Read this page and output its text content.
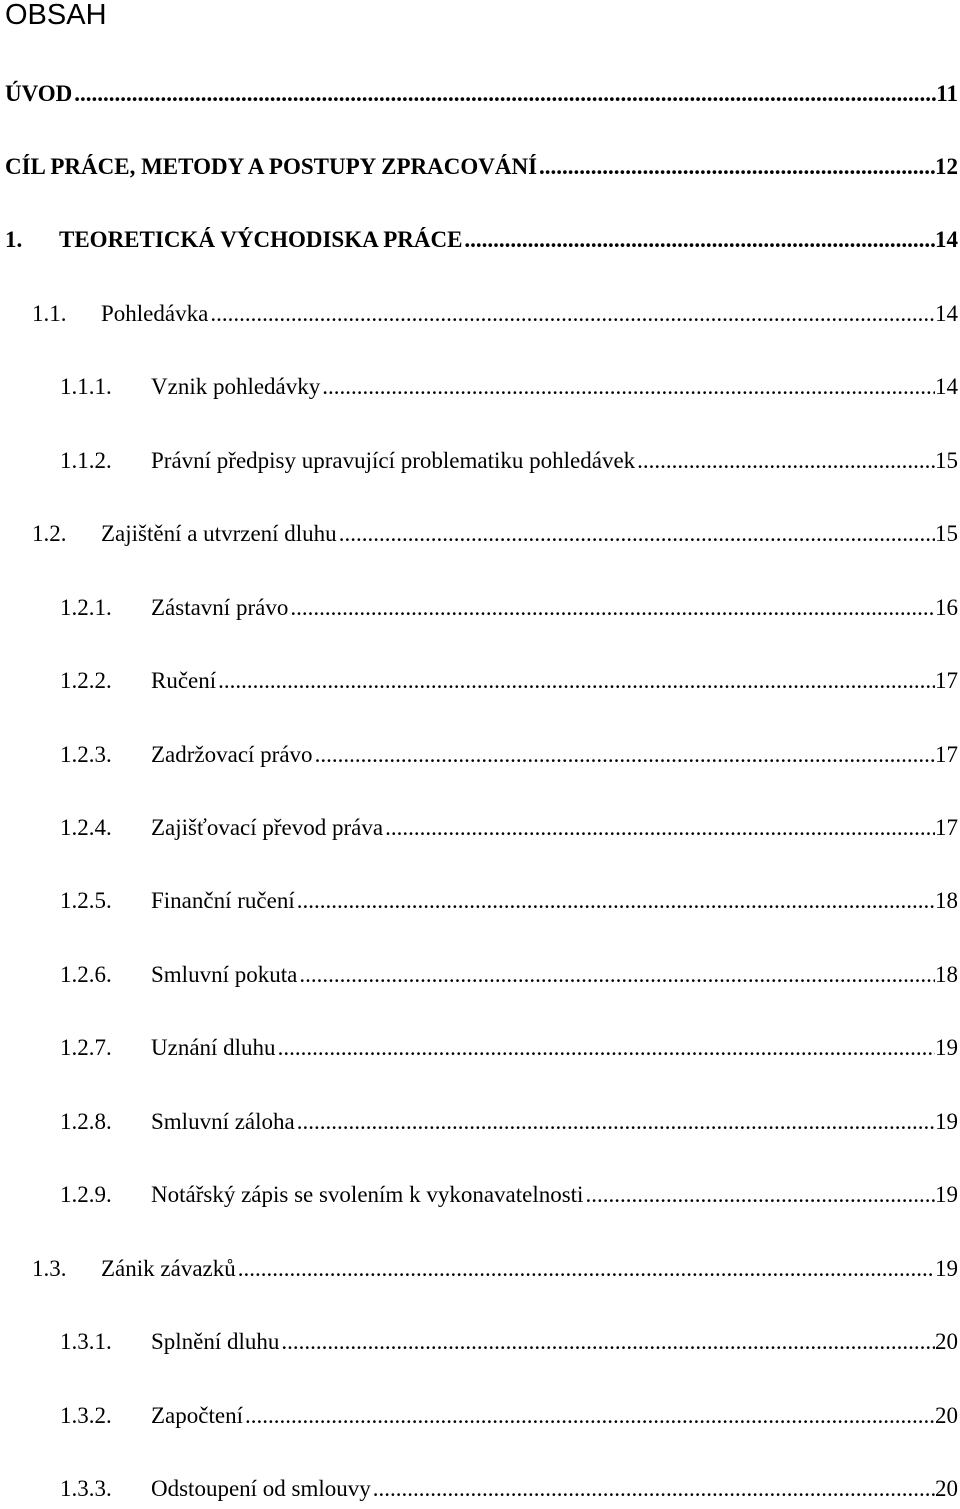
OBSAH
ÚVOD .....	11
CÍL PRÁCE, METODY A POSTUPY ZPRACOVÁNÍ .....	12
1.	TEORETICKÁ VÝCHODISKA PRÁCE .....	14
1.1.	Pohledávka .....	14
1.1.1.	Vznik pohledávky .....	14
1.1.2.	Právní předpisy upravující problematiku pohledávek .....	15
1.2.	Zajištění a utvrzení dluhu .....	15
1.2.1.	Zástavní právo .....	16
1.2.2.	Ručení .....	17
1.2.3.	Zadržovací právo .....	17
1.2.4.	Zajišťovací převod práva .....	17
1.2.5.	Finanční ručení .....	18
1.2.6.	Smluvní pokuta .....	18
1.2.7.	Uznání dluhu .....	19
1.2.8.	Smluvní záloha .....	19
1.2.9.	Notářský zápis se svolením k vykonavatelnosti .....	19
1.3.	Zánik závazků .....	19
1.3.1.	Splnění dluhu .....	20
1.3.2.	Započtení .....	20
1.3.3.	Odstoupení od smlouvy .....	20
